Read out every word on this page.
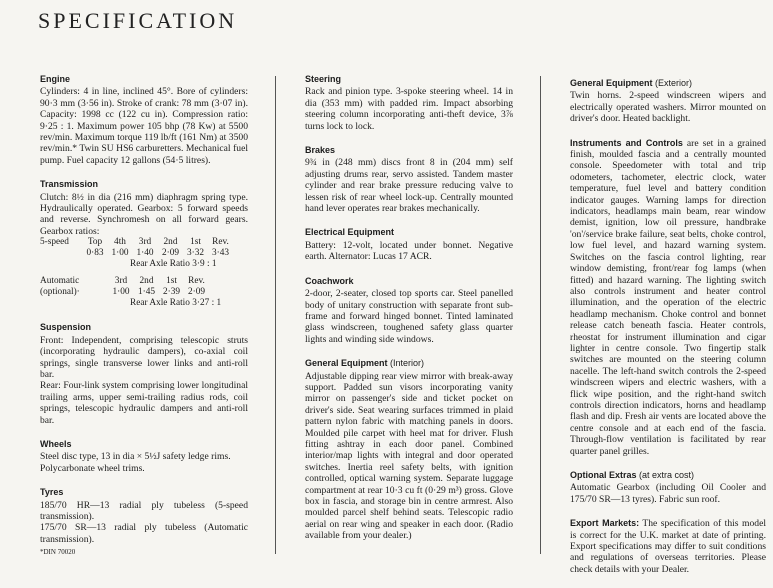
SPECIFICATION
Engine

Cylinders: 4 in line, inclined 45°. Bore of cylinders: 90·3 mm (3·56 in). Stroke of crank: 78 mm (3·07 in). Capacity: 1998 cc (122 cu in). Compression ratio: 9·25 : 1. Maximum power 105 bhp (78 Kw) at 5500 rev/min. Maximum torque 119 lb/ft (161 Nm) at 3500 rev/min.* Twin SU HS6 carburetters. Mechanical fuel pump. Fuel capacity 12 gallons (54·5 litres).

Transmission

Clutch: 8½ in dia (216 mm) diaphragm spring type. Hydraulically operated. Gearbox: 5 forward speeds and reverse. Synchromesh on all forward gears. Gearbox ratios:

5-speed	Top	4th	3rd	2nd	1st	Rev.
0·83 1·00 1·40 2·09 3·32 3·43
Rear Axle Ratio 3·9 : 1
Automatic	3rd	2nd	1st	Rev.
(optional)·	1·00 1·45 2·39 2·09
Rear Axle Ratio 3·27 : 1
Suspension

Front: Independent, comprising telescopic struts (incorporating hydraulic dampers), co-axial coil springs, single transverse lower links and anti-roll bar.

Rear: Four-link system comprising lower longitudinal trailing arms, upper semi-trailing radius rods, coil springs, telescopic hydraulic dampers and anti-roll bar.

Wheels

Steel disc type, 13 in dia × 5½J safety ledge rims.

Polycarbonate wheel trims.

Tyres

185/70 HR—13 radial ply tubeless (5-speed transmission).

175/70 SR—13 radial ply tubeless (Automatic transmission).

*DIN 70020
Steering

Rack and pinion type. 3-spoke steering wheel. 14 in dia (353 mm) with padded rim. Impact absorbing steering column incorporating anti-theft device, 3⅞ turns lock to lock.

Brakes

9¾ in (248 mm) discs front 8 in (204 mm) self adjusting drums rear, servo assisted. Tandem master cylinder and rear brake pressure reducing valve to lessen risk of rear wheel lock-up. Centrally mounted hand lever operates rear brakes mechanically.

Electrical Equipment

Battery: 12-volt, located under bonnet. Negative earth. Alternator: Lucas 17 ACR.

Coachwork

2-door, 2-seater, closed top sports car. Steel panelled body of unitary construction with separate front sub-frame and forward hinged bonnet. Tinted laminated glass windscreen, toughened safety glass quarter lights and winding side windows.

General Equipment (Interior)

Adjustable dipping rear view mirror with break-away support. Padded sun visors incorporating vanity mirror on passenger's side and ticket pocket on driver's side. Seat wearing surfaces trimmed in plaid pattern nylon fabric with matching panels in doors. Moulded pile carpet with heel mat for driver. Flush fitting ashtray in each door panel. Combined interior/map lights with integral and door operated switches. Inertia reel safety belts, with ignition controlled, optical warning system. Separate luggage compartment at rear 10·3 cu ft (0·29 m³) gross. Glove box in fascia, and storage bin in centre armrest. Also moulded parcel shelf behind seats. Telescopic radio aerial on rear wing and speaker in each door. (Radio available from your dealer.)

General Equipment (Exterior)

Twin horns. 2-speed windscreen wipers and electrically operated washers. Mirror mounted on driver's door. Heated backlight.

Instruments and Controls are set in a grained finish, moulded fascia and a centrally mounted console. Speedometer with total and trip odometers, tachometer, electric clock, water temperature, fuel level and battery condition indicator gauges. Warning lamps for direction indicators, headlamps main beam, rear window demist, ignition, low oil pressure, handbrake 'on'/service brake failure, seat belts, choke control, low fuel level, and hazard warning system. Switches on the fascia control lighting, rear window demisting, front/rear fog lamps (when fitted) and hazard warning. The lighting switch also controls instrument and heater control illumination, and the operation of the electric headlamp mechanism. Choke control and bonnet release catch beneath fascia. Heater controls, rheostat for instrument illumination and cigar lighter in centre console. Two fingertip stalk switches are mounted on the steering column nacelle. The left-hand switch controls the 2-speed windscreen wipers and electric washers, with a flick wipe position, and the right-hand switch controls direction indicators, horns and headlamp flash and dip. Fresh air vents are located above the centre console and at each end of the fascia. Through-flow ventilation is facilitated by rear quarter panel grilles.

Optional Extras (at extra cost)

Automatic Gearbox (including Oil Cooler and 175/70 SR—13 tyres). Fabric sun roof.

Export Markets: The specification of this model is correct for the U.K. market at date of printing. Export specifications may differ to suit conditions and regulations of overseas territories. Please check details with your Dealer.
